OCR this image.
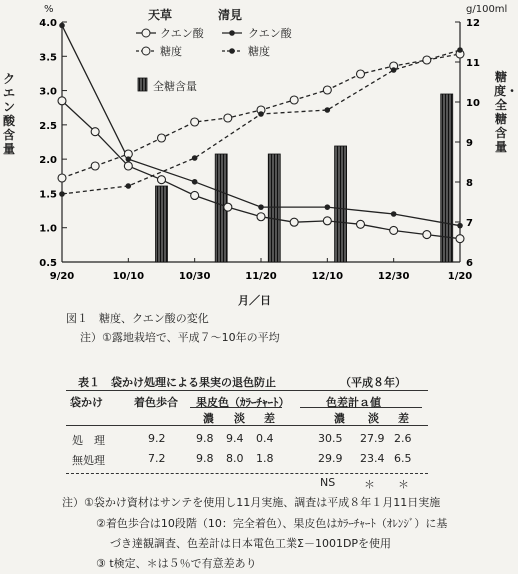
0.5
1.0
1.5
2.0
2.5
3.0
3.5
4.0
6
7
8
9
10
11
12
9/20	10/10	10/30	11/20	12/10	12/30	1/20
%	g/100ml
クエン酸含量
糖度・全糖含量
月／日
天草	清見
クエン酸
糖度
クエン酸
糖度
全糖含量
図１　糖度、クエン酸の変化
注）①露地栽培で、平成７～10年の平均
表１　袋かけ処理による果実の退色防止	（平成８年）
袋かけ	着色歩合 果皮色（ｶﾗｰﾁｬｰﾄ）	色差計ａ値
濃 淡 差	濃 淡 差
処　理	9.2	9.8 9.4 0.4	30.5 27.9 2.6
無処理	7.2	9.8 8.0 1.8	29.9 23.4 6.5
NS	＊ ＊
注）①袋かけ資材はサンテを使用し11月実施、調査は平成８年１月11日実施
②着色歩合は10段階（10：完全着色）、果皮色はｶﾗｰﾁｬｰﾄ（ｵﾚﾝｼﾞ）に基
づき達観調査、色差計は日本電色工業Σ－1001DPを使用
③ t検定、＊は５％で有意差あり
